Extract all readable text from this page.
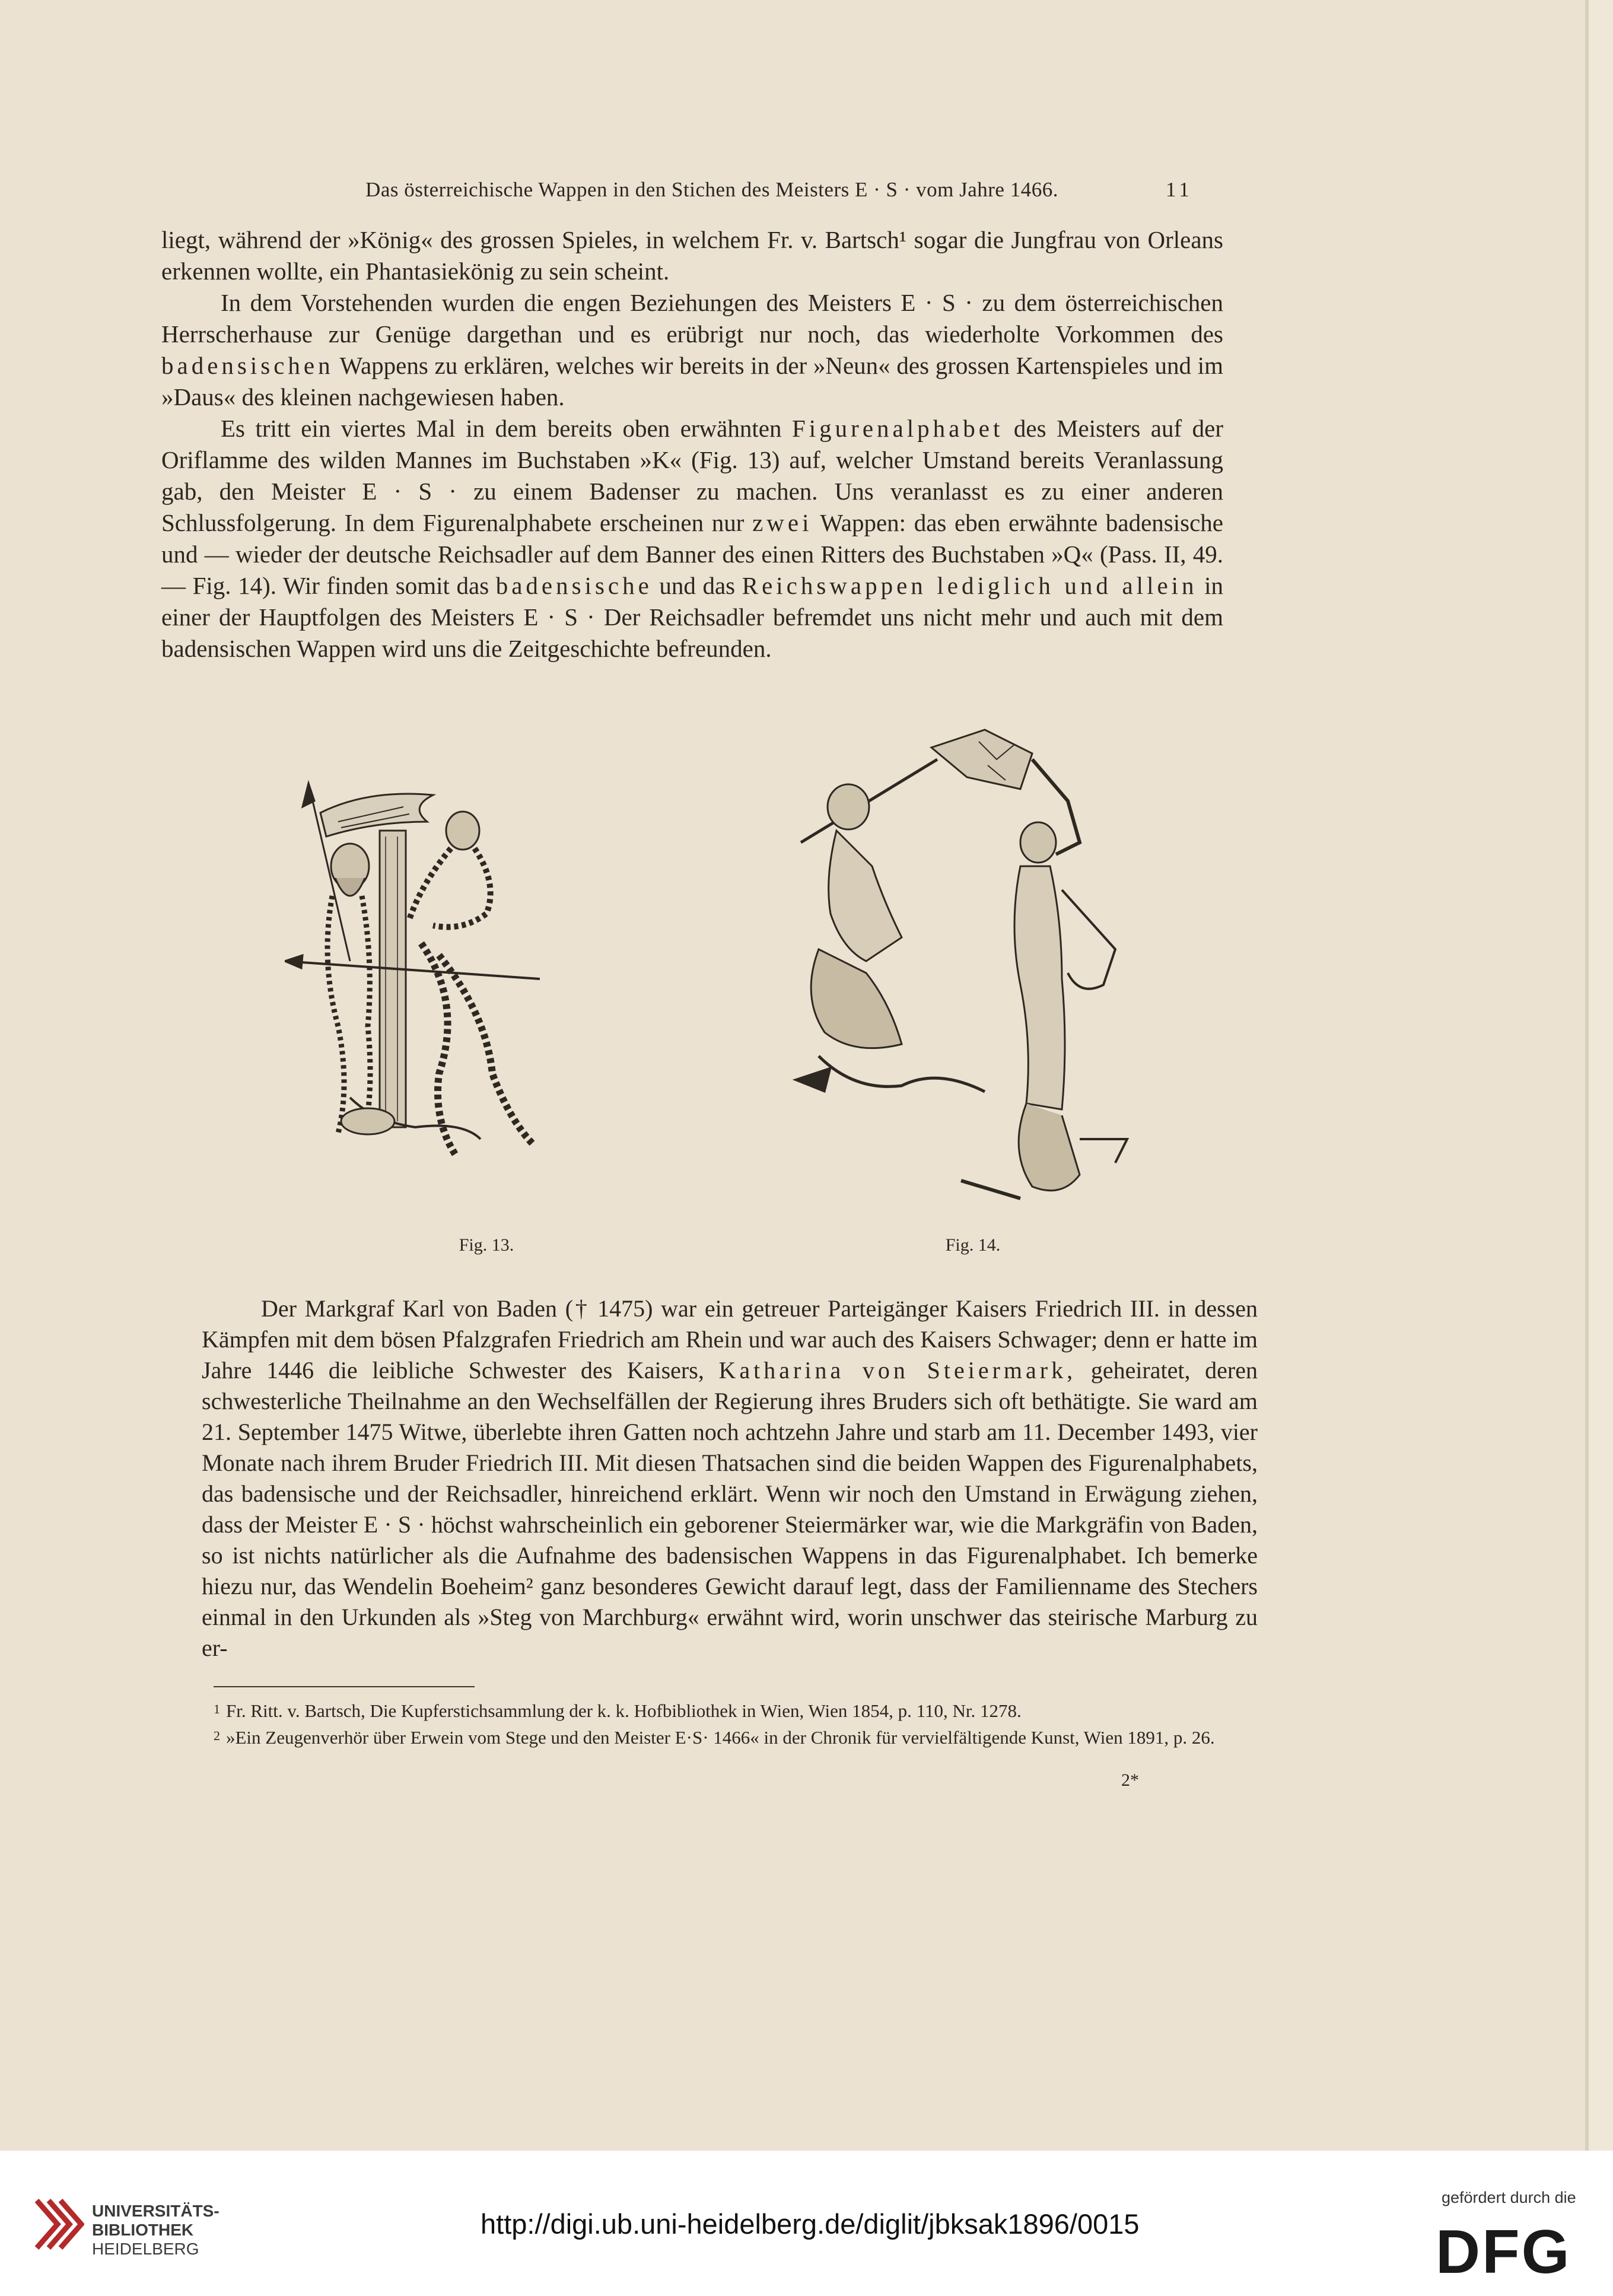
Das österreichische Wappen in den Stichen des Meisters E · S · vom Jahre 1466.	11

liegt, während der »König« des grossen Spieles, in welchem Fr. v. Bartsch¹ sogar die Jungfrau von Orleans erkennen wollte, ein Phantasiekönig zu sein scheint.

In dem Vorstehenden wurden die engen Beziehungen des Meisters E · S · zu dem österreichischen Herrscherhause zur Genüge dargethan und es erübrigt nur noch, das wiederholte Vorkommen des badensischen Wappens zu erklären, welches wir bereits in der »Neun« des grossen Kartenspieles und im »Daus« des kleinen nachgewiesen haben.

Es tritt ein viertes Mal in dem bereits oben erwähnten Figurenalphabet des Meisters auf der Oriflamme des wilden Mannes im Buchstaben »K« (Fig. 13) auf, welcher Umstand bereits Veranlassung gab, den Meister E · S · zu einem Badenser zu machen. Uns veranlasst es zu einer anderen Schlussfolgerung. In dem Figurenalphabete erscheinen nur zwei Wappen: das eben erwähnte badensische und — wieder der deutsche Reichsadler auf dem Banner des einen Ritters des Buchstaben »Q« (Pass. II, 49. — Fig. 14). Wir finden somit das badensische und das Reichswappen lediglich und allein in einer der Hauptfolgen des Meisters E · S · Der Reichsadler befremdet uns nicht mehr und auch mit dem badensischen Wappen wird uns die Zeitgeschichte befreunden.

Fig. 13.	Fig. 14.

Der Markgraf Karl von Baden († 1475) war ein getreuer Parteigänger Kaisers Friedrich III. in dessen Kämpfen mit dem bösen Pfalzgrafen Friedrich am Rhein und war auch des Kaisers Schwager; denn er hatte im Jahre 1446 die leibliche Schwester des Kaisers, Katharina von Steiermark, geheiratet, deren schwesterliche Theilnahme an den Wechselfällen der Regierung ihres Bruders sich oft bethätigte. Sie ward am 21. September 1475 Witwe, überlebte ihren Gatten noch achtzehn Jahre und starb am 11. December 1493, vier Monate nach ihrem Bruder Friedrich III. Mit diesen Thatsachen sind die beiden Wappen des Figurenalphabets, das badensische und der Reichsadler, hinreichend erklärt. Wenn wir noch den Umstand in Erwägung ziehen, dass der Meister E · S · höchst wahrscheinlich ein geborener Steiermärker war, wie die Markgräfin von Baden, so ist nichts natürlicher als die Aufnahme des badensischen Wappens in das Figurenalphabet. Ich bemerke hiezu nur, das Wendelin Boeheim² ganz besonderes Gewicht darauf legt, dass der Familienname des Stechers einmal in den Urkunden als »Steg von Marchburg« erwähnt wird, worin unschwer das steirische Marburg zu er-

1 Fr. Ritt. v. Bartsch, Die Kupferstichsammlung der k. k. Hofbibliothek in Wien, Wien 1854, p. 110, Nr. 1278.

2 »Ein Zeugenverhör über Erwein vom Stege und den Meister E·S· 1466« in der Chronik für vervielfältigende Kunst, Wien 1891, p. 26.

2*
UNIVERSITÄTS-
BIBLIOTHEK
HEIDELBERG
http://digi.ub.uni-heidelberg.de/diglit/jbksak1896/0015
gefördert durch die
DFG
